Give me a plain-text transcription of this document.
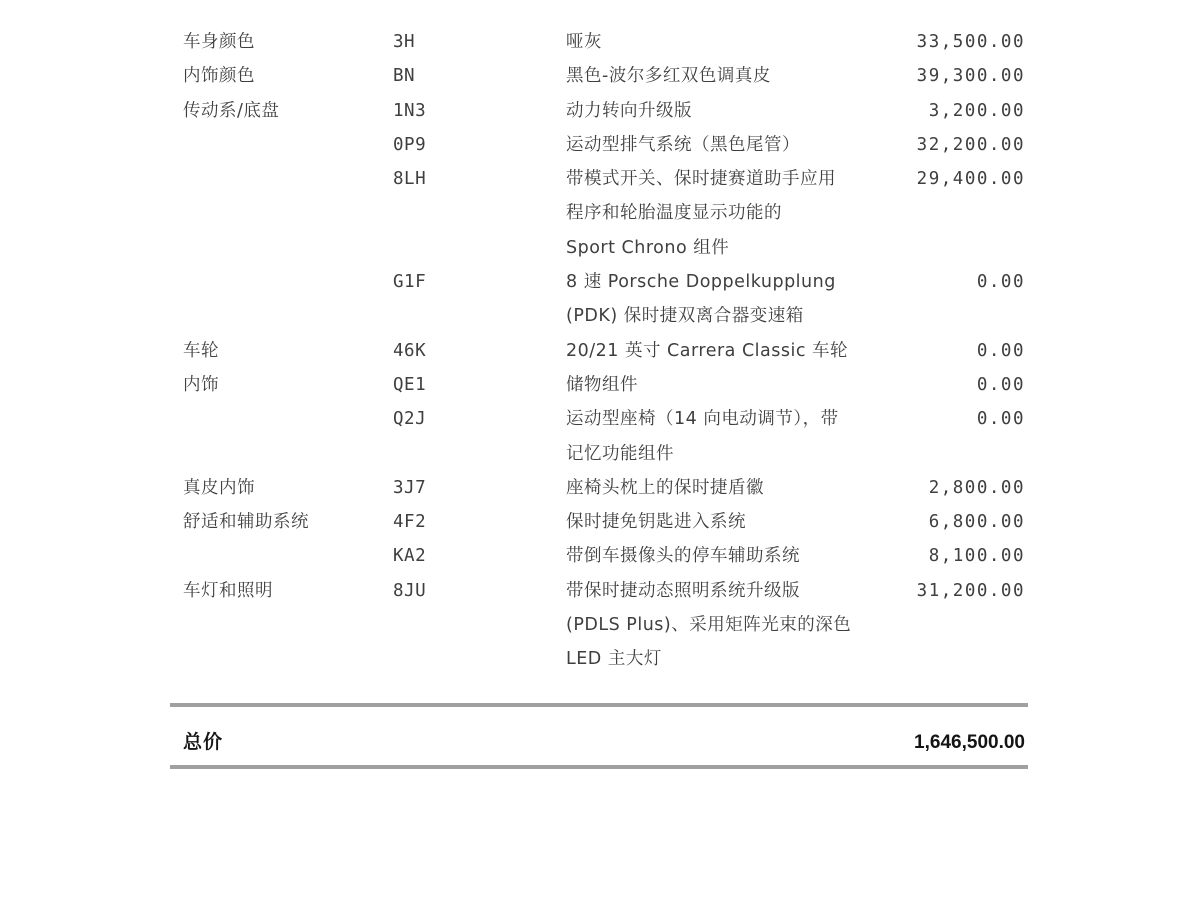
车身颜色	3H	哑灰	33,500.00
内饰颜色	BN	黑色-波尔多红双色调真皮	39,300.00
传动系/底盘	1N3	动力转向升级版	3,200.00
0P9	运动型排气系统（黑色尾管）	32,200.00
8LH	带模式开关、保时捷赛道助手应用	29,400.00
程序和轮胎温度显示功能的
Sport Chrono 组件
G1F	8 速 Porsche Doppelkupplung	0.00
(PDK) 保时捷双离合器变速箱
车轮	46K	20/21 英寸 Carrera Classic 车轮	0.00
内饰	QE1	储物组件	0.00
Q2J	运动型座椅（14 向电动调节），带	0.00
记忆功能组件
真皮内饰	3J7	座椅头枕上的保时捷盾徽	2,800.00
舒适和辅助系统	4F2	保时捷免钥匙进入系统	6,800.00
KA2	带倒车摄像头的停车辅助系统	8,100.00
车灯和照明	8JU	带保时捷动态照明系统升级版	31,200.00
(PDLS Plus)、采用矩阵光束的深色
LED 主大灯
总价	1,646,500.00
